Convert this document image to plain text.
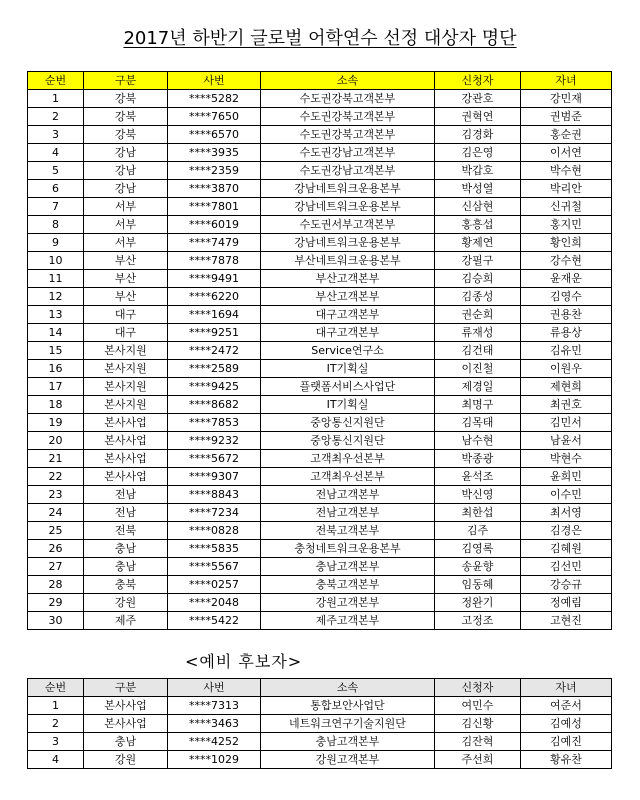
2017년 하반기 글로벌 어학연수 선정 대상자 명단
순번	구분	사번	소속	신청자	자녀
1	강북	****5282	수도권강북고객본부	강관호	강민재
2	강북	****7650	수도권강북고객본부	권혁연	권범준
3	강북	****6570	수도권강북고객본부	김경화	홍순권
4	강남	****3935	수도권강남고객본부	김은영	이서연
5	강남	****2359	수도권강남고객본부	박갑호	박수현
6	강남	****3870	강남네트워크운용본부	박성열	박리안
7	서부	****7801	강남네트워크운용본부	신삼현	신귀철
8	서부	****6019	수도권서부고객본부	홍흥섭	홍지민
9	서부	****7479	강남네트워크운용본부	황제연	황인희
10	부산	****7878	부산네트워크운용본부	강필구	강수현
11	부산	****9491	부산고객본부	김승희	윤재운
12	부산	****6220	부산고객본부	김종성	김영수
13	대구	****1694	대구고객본부	권순희	권용찬
14	대구	****9251	대구고객본부	류재성	류용상
15	본사지원	****2472	Service연구소	김건태	김유민
16	본사지원	****2589	IT기획실	이진철	이원우
17	본사지원	****9425	플랫폼서비스사업단	제경일	제현희
18	본사지원	****8682	IT기획실	최명구	최권호
19	본사사업	****7853	중앙통신지원단	김목태	김민서
20	본사사업	****9232	중앙통신지원단	남수현	남윤서
21	본사사업	****5672	고객최우선본부	박종광	박현수
22	본사사업	****9307	고객최우선본부	윤석조	윤희민
23	전남	****8843	전남고객본부	박신영	이수민
24	전남	****7234	전남고객본부	최한섭	최서영
25	전북	****0828	전북고객본부	김주	김경은
26	충남	****5835	충청네트워크운용본부	김영록	김혜원
27	충남	****5567	충남고객본부	송윤향	김선민
28	충북	****0257	충북고객본부	임동혜	강승규
29	강원	****2048	강원고객본부	정완기	정예림
30	제주	****5422	제주고객본부	고정조	고현진
<예비 후보자>
순번	구분	사번	소속	신청자	자녀
1	본사사업	****7313	통합보안사업단	여민수	여준서
2	본사사업	****3463	네트워크연구기술지원단	김신황	김예성
3	충남	****4252	충남고객본부	김잔혁	김예진
4	강원	****1029	강원고객본부	주선희	황유찬
